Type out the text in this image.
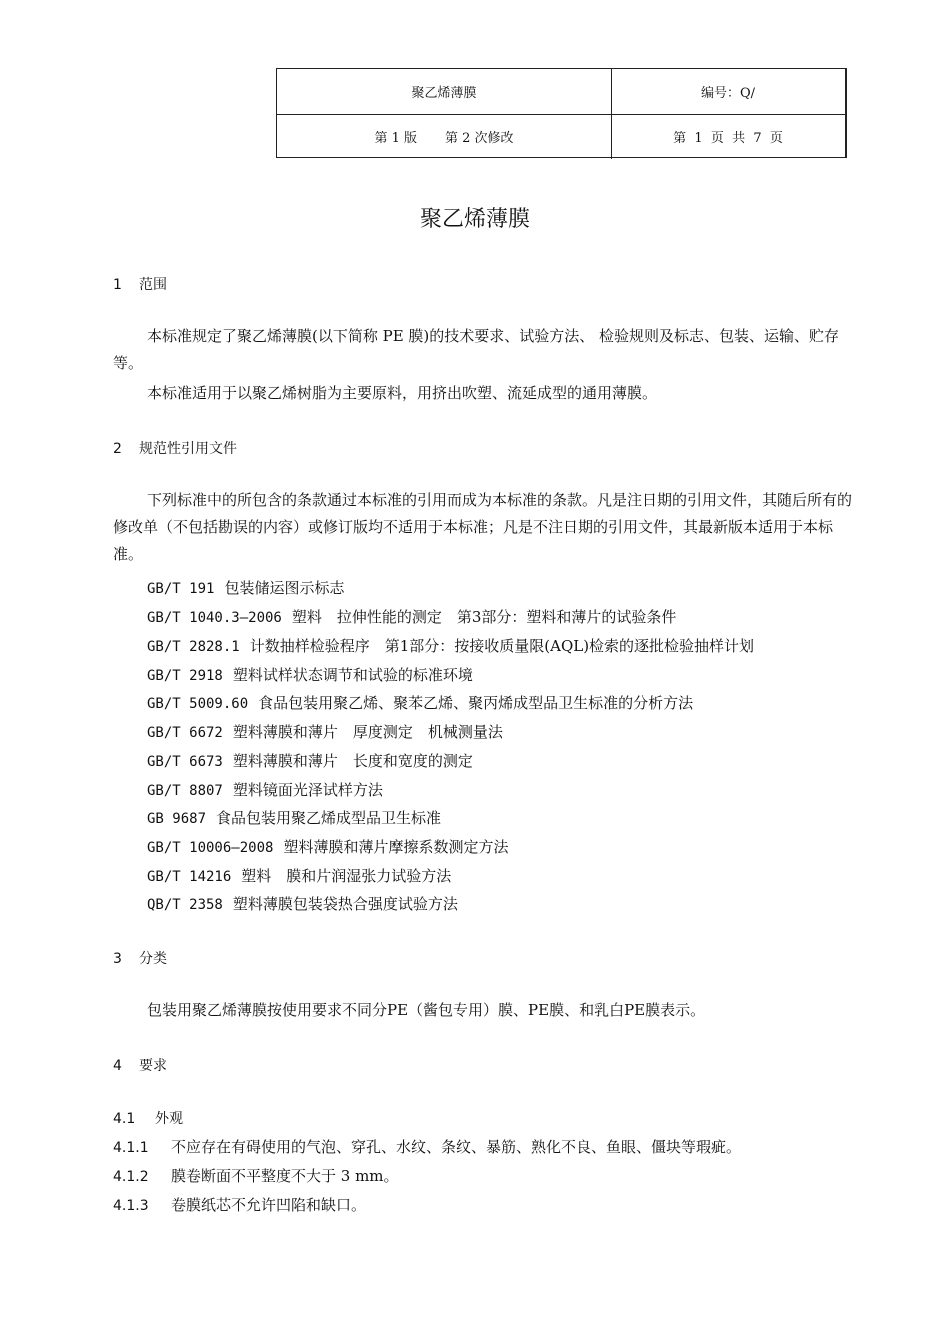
聚乙烯薄膜	编号：Q/
第 1 版 第 2 次修改	第  1  页  共  7  页
聚乙烯薄膜
1 范围
本标准规定了聚乙烯薄膜(以下简称 PE 膜)的技术要求、试验方法、 检验规则及标志、包装、运输、贮存等。
本标准适用于以聚乙烯树脂为主要原料，用挤出吹塑、流延成型的通用薄膜。
2 规范性引用文件
下列标准中的所包含的条款通过本标准的引用而成为本标准的条款。凡是注日期的引用文件，其随后所有的修改单（不包括勘误的内容）或修订版均不适用于本标准；凡是不注日期的引用文件，其最新版本适用于本标准。
GB/T 191 包装储运图示标志
GB/T 1040.3—2006 塑料　拉伸性能的测定　第3部分：塑料和薄片的试验条件
GB/T 2828.1 计数抽样检验程序　第1部分：按接收质量限(AQL)检索的逐批检验抽样计划
GB/T 2918 塑料试样状态调节和试验的标准环境
GB/T 5009.60 食品包装用聚乙烯、聚苯乙烯、聚丙烯成型品卫生标准的分析方法
GB/T 6672 塑料薄膜和薄片　厚度测定　机械测量法
GB/T 6673 塑料薄膜和薄片　长度和宽度的测定
GB/T 8807 塑料镜面光泽试样方法
GB 9687 食品包装用聚乙烯成型品卫生标准
GB/T 10006—2008 塑料薄膜和薄片摩擦系数测定方法
GB/T 14216 塑料　膜和片润湿张力试验方法
QB/T 2358 塑料薄膜包装袋热合强度试验方法
3 分类
包装用聚乙烯薄膜按使用要求不同分PE（酱包专用）膜、PE膜、和乳白PE膜表示。
4 要求
4.1 外观
4.1.1 不应存在有碍使用的气泡、穿孔、水纹、条纹、暴筋、熟化不良、鱼眼、僵块等瑕疵。
4.1.2 膜卷断面不平整度不大于 3 mm。
4.1.3 卷膜纸芯不允许凹陷和缺口。
